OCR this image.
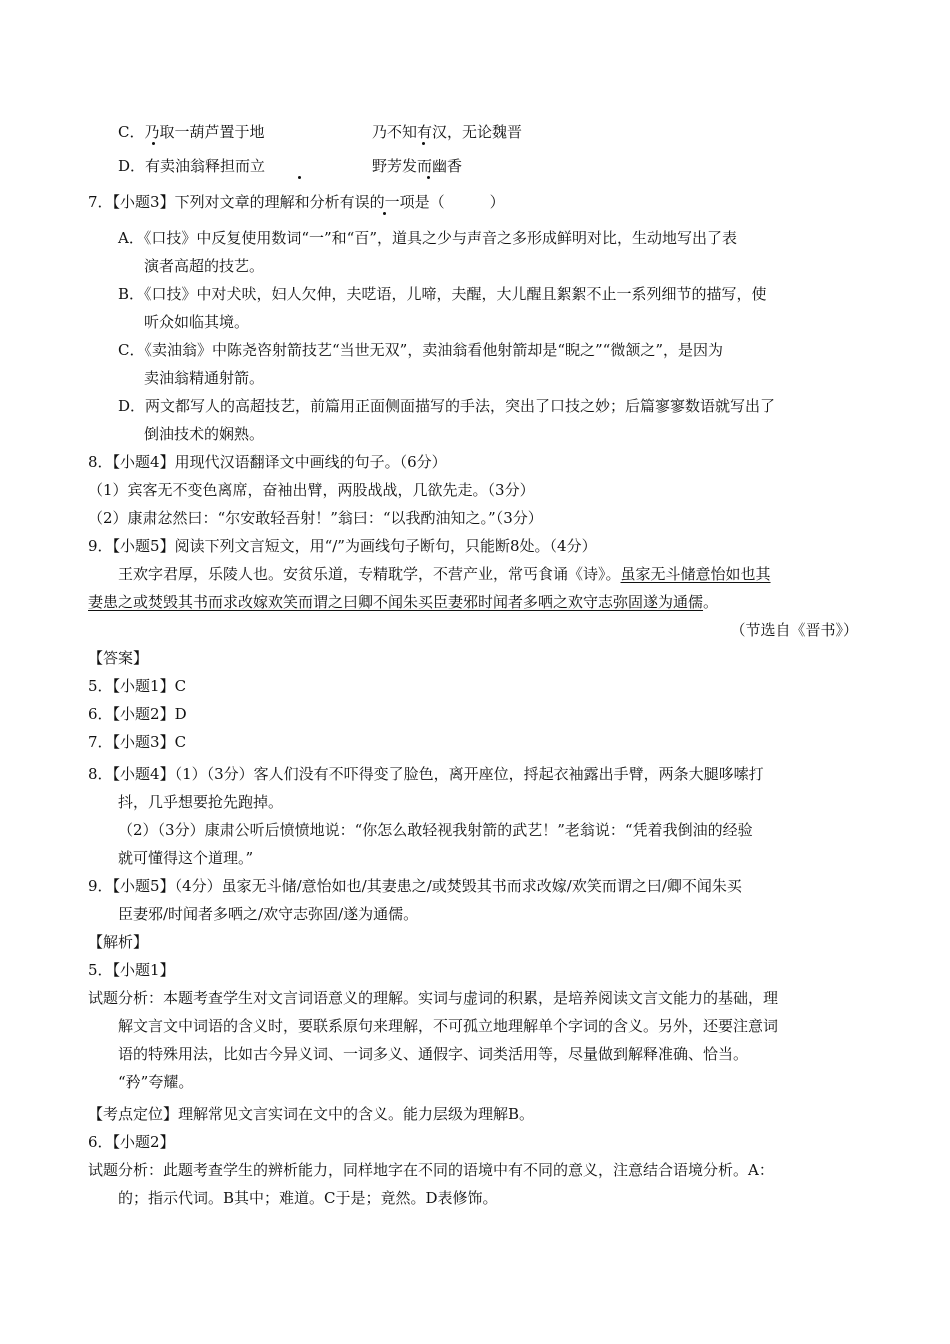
C．乃取一葫芦置于地	乃不知有汉，无论魏晋
D．有卖油翁释担而立	野芳发而幽香
7．【小题3】下列对文章的理解和分析有误的一项是（　　　）
A．《口技》中反复使用数词“一”和“百”，道具之少与声音之多形成鲜明对比，生动地写出了表
演者高超的技艺。
B．《口技》中对犬吠，妇人欠伸，夫呓语，儿啼，夫醒，大儿醒且絮絮不止一系列细节的描写，使
听众如临其境。
C．《卖油翁》中陈尧咨射箭技艺“当世无双”，卖油翁看他射箭却是“睨之”“微颔之”，是因为
卖油翁精通射箭。
D．两文都写人的高超技艺，前篇用正面侧面描写的手法，突出了口技之妙；后篇寥寥数语就写出了
倒油技术的娴熟。
8．【小题4】用现代汉语翻译文中画线的句子。（6分）
（1）宾客无不变色离席，奋袖出臂，两股战战，几欲先走。（3分）
（2）康肃忿然曰：“尔安敢轻吾射！”翁曰：“以我酌油知之。”（3分）
9．【小题5】阅读下列文言短文，用“/”为画线句子断句，只能断8处。（4分）
王欢字君厚，乐陵人也。安贫乐道，专精耽学，不营产业，常丐食诵《诗》。虽家无斗储意怡如也其
妻患之或焚毁其书而求改嫁欢笑而谓之曰卿不闻朱买臣妻邪时闻者多哂之欢守志弥固遂为通儒。
（节选自《晋书》）
【答案】
5．【小题1】C
6．【小题2】D
7．【小题3】C
8．【小题4】（1）（3分）客人们没有不吓得变了脸色，离开座位，捋起衣袖露出手臂，两条大腿哆嗦打
抖，几乎想要抢先跑掉。
（2）（3分）康肃公听后愤愤地说：“你怎么敢轻视我射箭的武艺！”老翁说：“凭着我倒油的经验
就可懂得这个道理。”
9．【小题5】（4分）虽家无斗储/意怡如也/其妻患之/或焚毁其书而求改嫁/欢笑而谓之曰/卿不闻朱买
臣妻邪/时闻者多哂之/欢守志弥固/遂为通儒。
【解析】
5．【小题1】
试题分析：本题考查学生对文言词语意义的理解。实词与虚词的积累，是培养阅读文言文能力的基础，理
解文言文中词语的含义时，要联系原句来理解，不可孤立地理解单个字词的含义。另外，还要注意词
语的特殊用法，比如古今异义词、一词多义、通假字、词类活用等，尽量做到解释准确、恰当。
“矜”夸耀。
【考点定位】理解常见文言实词在文中的含义。能力层级为理解B。
6．【小题2】
试题分析：此题考查学生的辨析能力，同样地字在不同的语境中有不同的意义，注意结合语境分析。A：
的；指示代词。B其中；难道。C于是；竟然。D表修饰。
